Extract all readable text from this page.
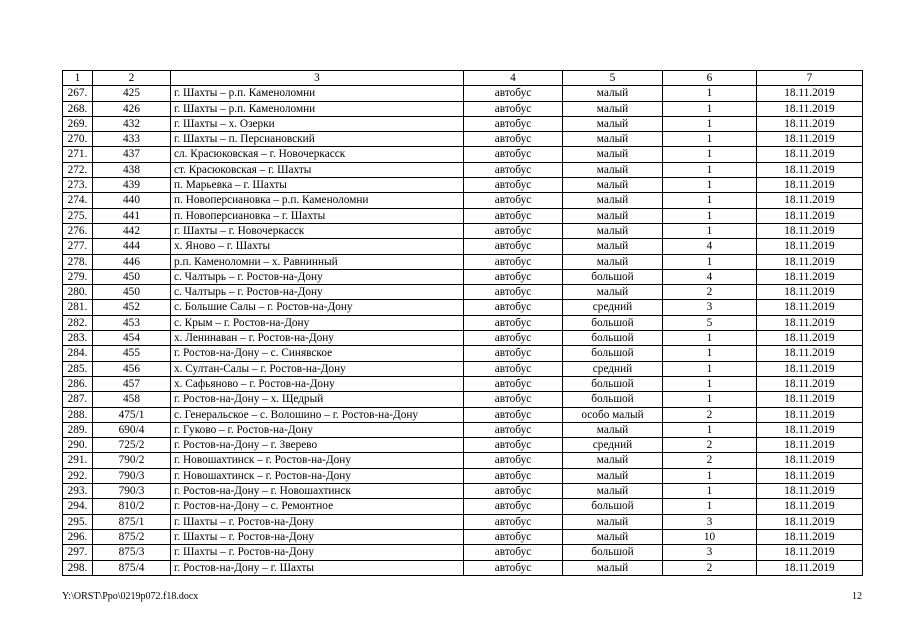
1	2	3	4	5	6	7
267.	425	г. Шахты – р.п. Каменоломни	автобус	малый	1	18.11.2019
268.	426	г. Шахты – р.п. Каменоломни	автобус	малый	1	18.11.2019
269.	432	г. Шахты – х. Озерки	автобус	малый	1	18.11.2019
270.	433	г. Шахты – п. Персиановский	автобус	малый	1	18.11.2019
271.	437	сл. Красюковская – г. Новочеркасск	автобус	малый	1	18.11.2019
272.	438	ст. Красюковская – г. Шахты	автобус	малый	1	18.11.2019
273.	439	п. Марьевка – г. Шахты	автобус	малый	1	18.11.2019
274.	440	п. Новоперсиановка – р.п. Каменоломни	автобус	малый	1	18.11.2019
275.	441	п. Новоперсиановка – г. Шахты	автобус	малый	1	18.11.2019
276.	442	г. Шахты – г. Новочеркасск	автобус	малый	1	18.11.2019
277.	444	х. Яново – г. Шахты	автобус	малый	4	18.11.2019
278.	446	р.п. Каменоломни – х. Равнинный	автобус	малый	1	18.11.2019
279.	450	с. Чалтырь – г. Ростов-на-Дону	автобус	большой	4	18.11.2019
280.	450	с. Чалтырь – г. Ростов-на-Дону	автобус	малый	2	18.11.2019
281.	452	с. Большие Салы – г. Ростов-на-Дону	автобус	средний	3	18.11.2019
282.	453	с. Крым – г. Ростов-на-Дону	автобус	большой	5	18.11.2019
283.	454	х. Ленинаван – г. Ростов-на-Дону	автобус	большой	1	18.11.2019
284.	455	г. Ростов-на-Дону – с. Синявское	автобус	большой	1	18.11.2019
285.	456	х. Султан-Салы – г. Ростов-на-Дону	автобус	средний	1	18.11.2019
286.	457	х. Сафьяново – г. Ростов-на-Дону	автобус	большой	1	18.11.2019
287.	458	г. Ростов-на-Дону – х. Щедрый	автобус	большой	1	18.11.2019
288.	475/1	с. Генеральское – с. Волошино – г. Ростов-на-Дону	автобус	особо малый	2	18.11.2019
289.	690/4	г. Гуково – г. Ростов-на-Дону	автобус	малый	1	18.11.2019
290.	725/2	г. Ростов-на-Дону – г. Зверево	автобус	средний	2	18.11.2019
291.	790/2	г. Новошахтинск – г. Ростов-на-Дону	автобус	малый	2	18.11.2019
292.	790/3	г. Новошахтинск – г. Ростов-на-Дону	автобус	малый	1	18.11.2019
293.	790/3	г. Ростов-на-Дону – г. Новошахтинск	автобус	малый	1	18.11.2019
294.	810/2	г. Ростов-на-Дону – с. Ремонтное	автобус	большой	1	18.11.2019
295.	875/1	г. Шахты – г. Ростов-на-Дону	автобус	малый	3	18.11.2019
296.	875/2	г. Шахты – г. Ростов-на-Дону	автобус	малый	10	18.11.2019
297.	875/3	г. Шахты – г. Ростов-на-Дону	автобус	большой	3	18.11.2019
298.	875/4	г. Ростов-на-Дону – г. Шахты	автобус	малый	2	18.11.2019
Y:\ORST\Ppo\0219p072.f18.docx	12
